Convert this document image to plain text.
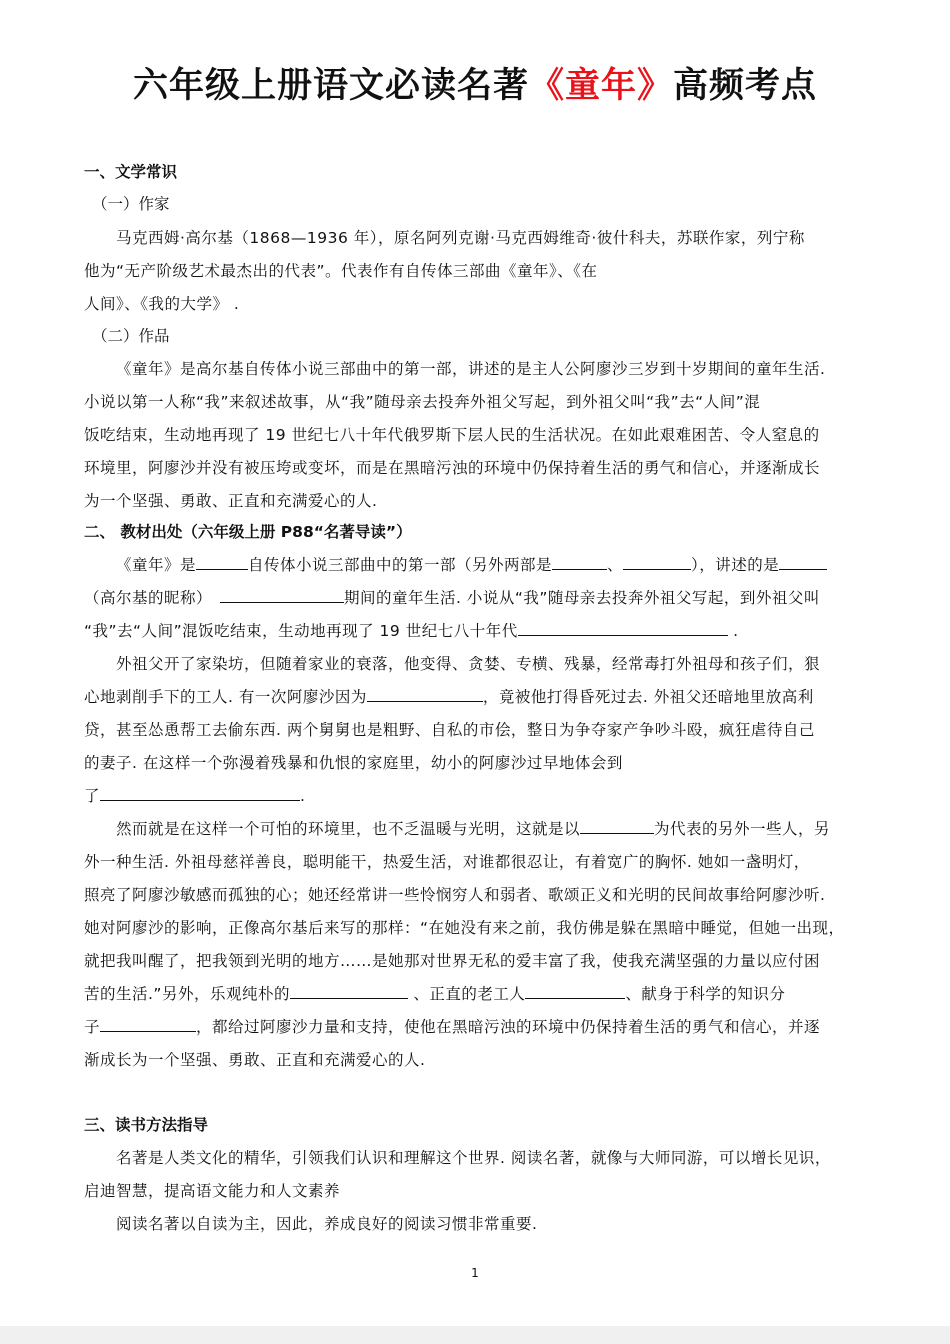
六年级上册语文必读名著《童年》高频考点
一、文学常识
（一）作家
马克西姆·高尔基（1868—1936 年），原名阿列克谢·马克西姆维奇·彼什科夫，苏联作家，列宁称
他为“无产阶级艺术最杰出的代表”。代表作有自传体三部曲《童年》、《在
人间》、《我的大学》 .
（二）作品
《童年》是高尔基自传体小说三部曲中的第一部，讲述的是主人公阿廖沙三岁到十岁期间的童年生活.
小说以第一人称“我”来叙述故事，从“我”随母亲去投奔外祖父写起，到外祖父叫“我”去“人间”混
饭吃结束，生动地再现了 19 世纪七八十年代俄罗斯下层人民的生活状况。在如此艰难困苦、令人窒息的
环境里，阿廖沙并没有被压垮或变坏，而是在黑暗污浊的环境中仍保持着生活的勇气和信心，并逐渐成长
为一个坚强、勇敢、正直和充满爱心的人.
二、 教材出处（六年级上册 P88“名著导读”）
《童年》是	自传体小说三部曲中的第一部（另外两部是	、	），讲述的是
（高尔基的昵称）	期间的童年生活. 小说从“我”随母亲去投奔外祖父写起，到外祖父叫
“我”去“人间”混饭吃结束，生动地再现了 19 世纪七八十年代	.
外祖父开了家染坊，但随着家业的衰落，他变得、贪婪、专横、残暴，经常毒打外祖母和孩子们，狠
心地剥削手下的工人. 有一次阿廖沙因为	，竟被他打得昏死过去. 外祖父还暗地里放高利
贷，甚至怂恿帮工去偷东西. 两个舅舅也是粗野、自私的市侩，整日为争夺家产争吵斗殴，疯狂虐待自己
的妻子. 在这样一个弥漫着残暴和仇恨的家庭里，幼小的阿廖沙过早地体会到
了	.
然而就是在这样一个可怕的环境里，也不乏温暖与光明，这就是以	为代表的另外一些人，另
外一种生活. 外祖母慈祥善良，聪明能干，热爱生活，对谁都很忍让，有着宽广的胸怀. 她如一盏明灯，
照亮了阿廖沙敏感而孤独的心；她还经常讲一些怜悯穷人和弱者、歌颂正义和光明的民间故事给阿廖沙听.
她对阿廖沙的影响，正像高尔基后来写的那样：“在她没有来之前，我仿佛是躲在黑暗中睡觉，但她一出现，
就把我叫醒了，把我领到光明的地方……是她那对世界无私的爱丰富了我，使我充满坚强的力量以应付困
苦的生活.”另外，乐观纯朴的	、正直的老工人	、献身于科学的知识分
子	，都给过阿廖沙力量和支持，使他在黑暗污浊的环境中仍保持着生活的勇气和信心，并逐
渐成长为一个坚强、勇敢、正直和充满爱心的人.
三、读书方法指导
名著是人类文化的精华，引领我们认识和理解这个世界. 阅读名著，就像与大师同游，可以增长见识，
启迪智慧，提高语文能力和人文素养
阅读名著以自读为主，因此，养成良好的阅读习惯非常重要.
1
